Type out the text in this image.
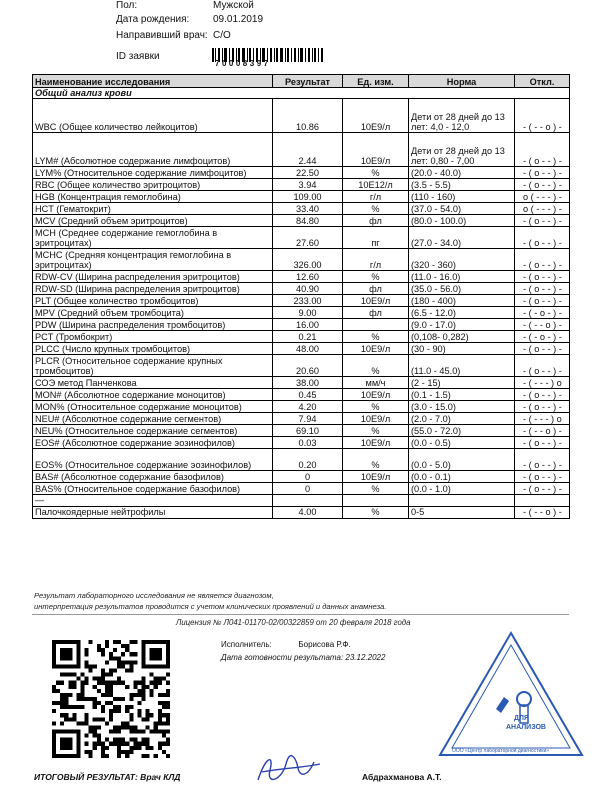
Пол:	Мужской
Дата рождения: 09.01.2019
Направивший врач: С/О
ID заявки
70008397
Наименование исследования	Результат	Ед. изм.	Норма	Откл.
Общий анализ крови				
WBC (Общее количество лейкоцитов)	10.86	10E9/л	Дети от 28 дней до 13 лет: 4,0 - 12,0	- ( - - o ) -
LYM# (Абсолютное содержание лимфоцитов)	2.44	10E9/л	Дети от 28 дней до 13 лет: 0,80 - 7,00	- ( o - - ) -
LYM% (Относительное содержание лимфоцитов)	22.50	%	(20.0 - 40.0)	- ( o - - ) -
RBC (Общее количество эритроцитов)	3.94	10E12/л	(3.5 - 5.5)	- ( o - - ) -
HGB (Концентрация гемоглобина)	109.00	г/л	(110 - 160)	o ( - - - ) -
HCT (Гематокрит)	33.40	%	(37.0 - 54.0)	o ( - - - ) -
MCV (Средний объем эритроцитов)	84.80	фл	(80.0 - 100.0)	- ( o - - ) -
MCH (Среднее содержание гемоглобина в эритроцитах)	27.60	пг	(27.0 - 34.0)	- ( o - - ) -
MCHC (Средняя концентрация гемоглобина в эритроцитах)	326.00	г/л	(320 - 360)	- ( o - - ) -
RDW-CV (Ширина распределения эритроцитов)	12.60	%	(11.0 - 16.0)	- ( o - - ) -
RDW-SD (Ширина распределения эритроцитов)	40.90	фл	(35.0 - 56.0)	- ( o - - ) -
PLT (Общее количество тромбоцитов)	233.00	10E9/л	(180 - 400)	- ( o - - ) -
MPV (Средний объем тромбоцита)	9.00	фл	(6.5 - 12.0)	- ( - o - ) -
PDW (Ширина распределения тромбоцитов)	16.00		(9.0 - 17.0)	- ( - - o ) -
PCT (Тромбокрит)	0.21	%	(0,108- 0,282)	- ( - o - ) -
PLCC (Число крупных тромбоцитов)	48.00	10E9/л	(30 - 90)	- ( o - - ) -
PLCR (Относительное содержание крупных тромбоцитов)	20.60	%	(11.0 - 45.0)	- ( o - - ) -
СОЭ метод Панченкова	38.00	мм/ч	(2 - 15)	- ( - - - ) o
MON# (Абсолютное содержание моноцитов)	0.45	10E9/л	(0.1 - 1.5)	- ( o - - ) -
MON% (Относительное содержание моноцитов)	4.20	%	(3.0 - 15.0)	- ( o - - ) -
NEU# (Абсолютное содержание сегментов)	7.94	10E9/л	(2.0 - 7.0)	- ( - - - ) o
NEU% (Относительное содержание сегментов)	69.10	%	(55.0 - 72.0)	- ( - - o ) -
EOS# (Абсолютное содержание эозинофилов)	0.03	10E9/л	(0.0 - 0.5)	- ( o - - ) -
EOS% (Относительное содержание эозинофилов)	0.20	%	(0.0 - 5.0)	- ( o - - ) -
BAS# (Абсолютное содержание базофилов)	0	10E9/л	(0.0 - 0.1)	- ( o - - ) -
BAS% (Относительное содержание базофилов)	0	%	(0.0 - 1.0)	- ( o - - ) -
—				
Палочкоядерные нейтрофилы	4.00	%	0-5	- ( - - o ) -
Результат лабораторного исследования не является диагнозом,
интерпретация результатов проводится с учетом клинических проявлений и данных анамнеза.
Лицензия № Л041-01170-02/00322859 от 20 февраля 2018 года
Исполнитель:            Борисова Р.Ф.
Дата готовности результата: 23.12.2022
ДЛЯ
АНАЛИЗОВ
ООО «Центр лабораторной диагностики»
ИТОГОВЫЙ РЕЗУЛЬТАТ: Врач КЛД	Абдрахманова А.Т.
